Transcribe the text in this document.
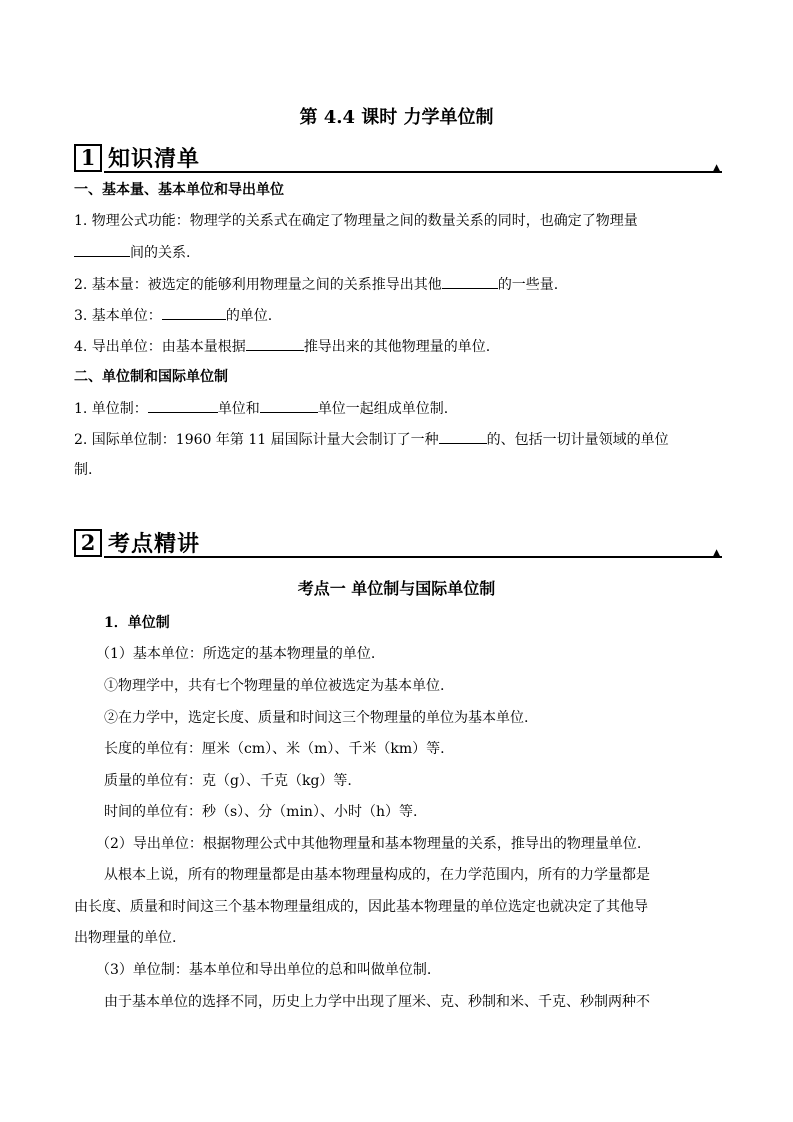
第 4.4 课时 力学单位制
1 知识清单	▲
一、基本量、基本单位和导出单位
1. 物理公式功能：物理学的关系式在确定了物理量之间的数量关系的同时，也确定了物理量
间的关系.
2. 基本量：被选定的能够利用物理量之间的关系推导出其他	的一些量.
3. 基本单位：	的单位.
4. 导出单位：由基本量根据	推导出来的其他物理量的单位.
二、单位制和国际单位制
1. 单位制：	单位和	单位一起组成单位制.
2. 国际单位制：1960 年第 11 届国际计量大会制订了一种	的、包括一切计量领域的单位
制.
2 考点精讲	▲
考点一 单位制与国际单位制
1．单位制
（1）基本单位：所选定的基本物理量的单位.
①物理学中，共有七个物理量的单位被选定为基本单位.
②在力学中，选定长度、质量和时间这三个物理量的单位为基本单位.
长度的单位有：厘米（cm）、米（m）、千米（km）等.
质量的单位有：克（g）、千克（kg）等.
时间的单位有：秒（s）、分（min）、小时（h）等.
（2）导出单位：根据物理公式中其他物理量和基本物理量的关系，推导出的物理量单位.
从根本上说，所有的物理量都是由基本物理量构成的，在力学范围内，所有的力学量都是
由长度、质量和时间这三个基本物理量组成的，因此基本物理量的单位选定也就决定了其他导
出物理量的单位.
（3）单位制：基本单位和导出单位的总和叫做单位制.
由于基本单位的选择不同，历史上力学中出现了厘米、克、秒制和米、千克、秒制两种不
